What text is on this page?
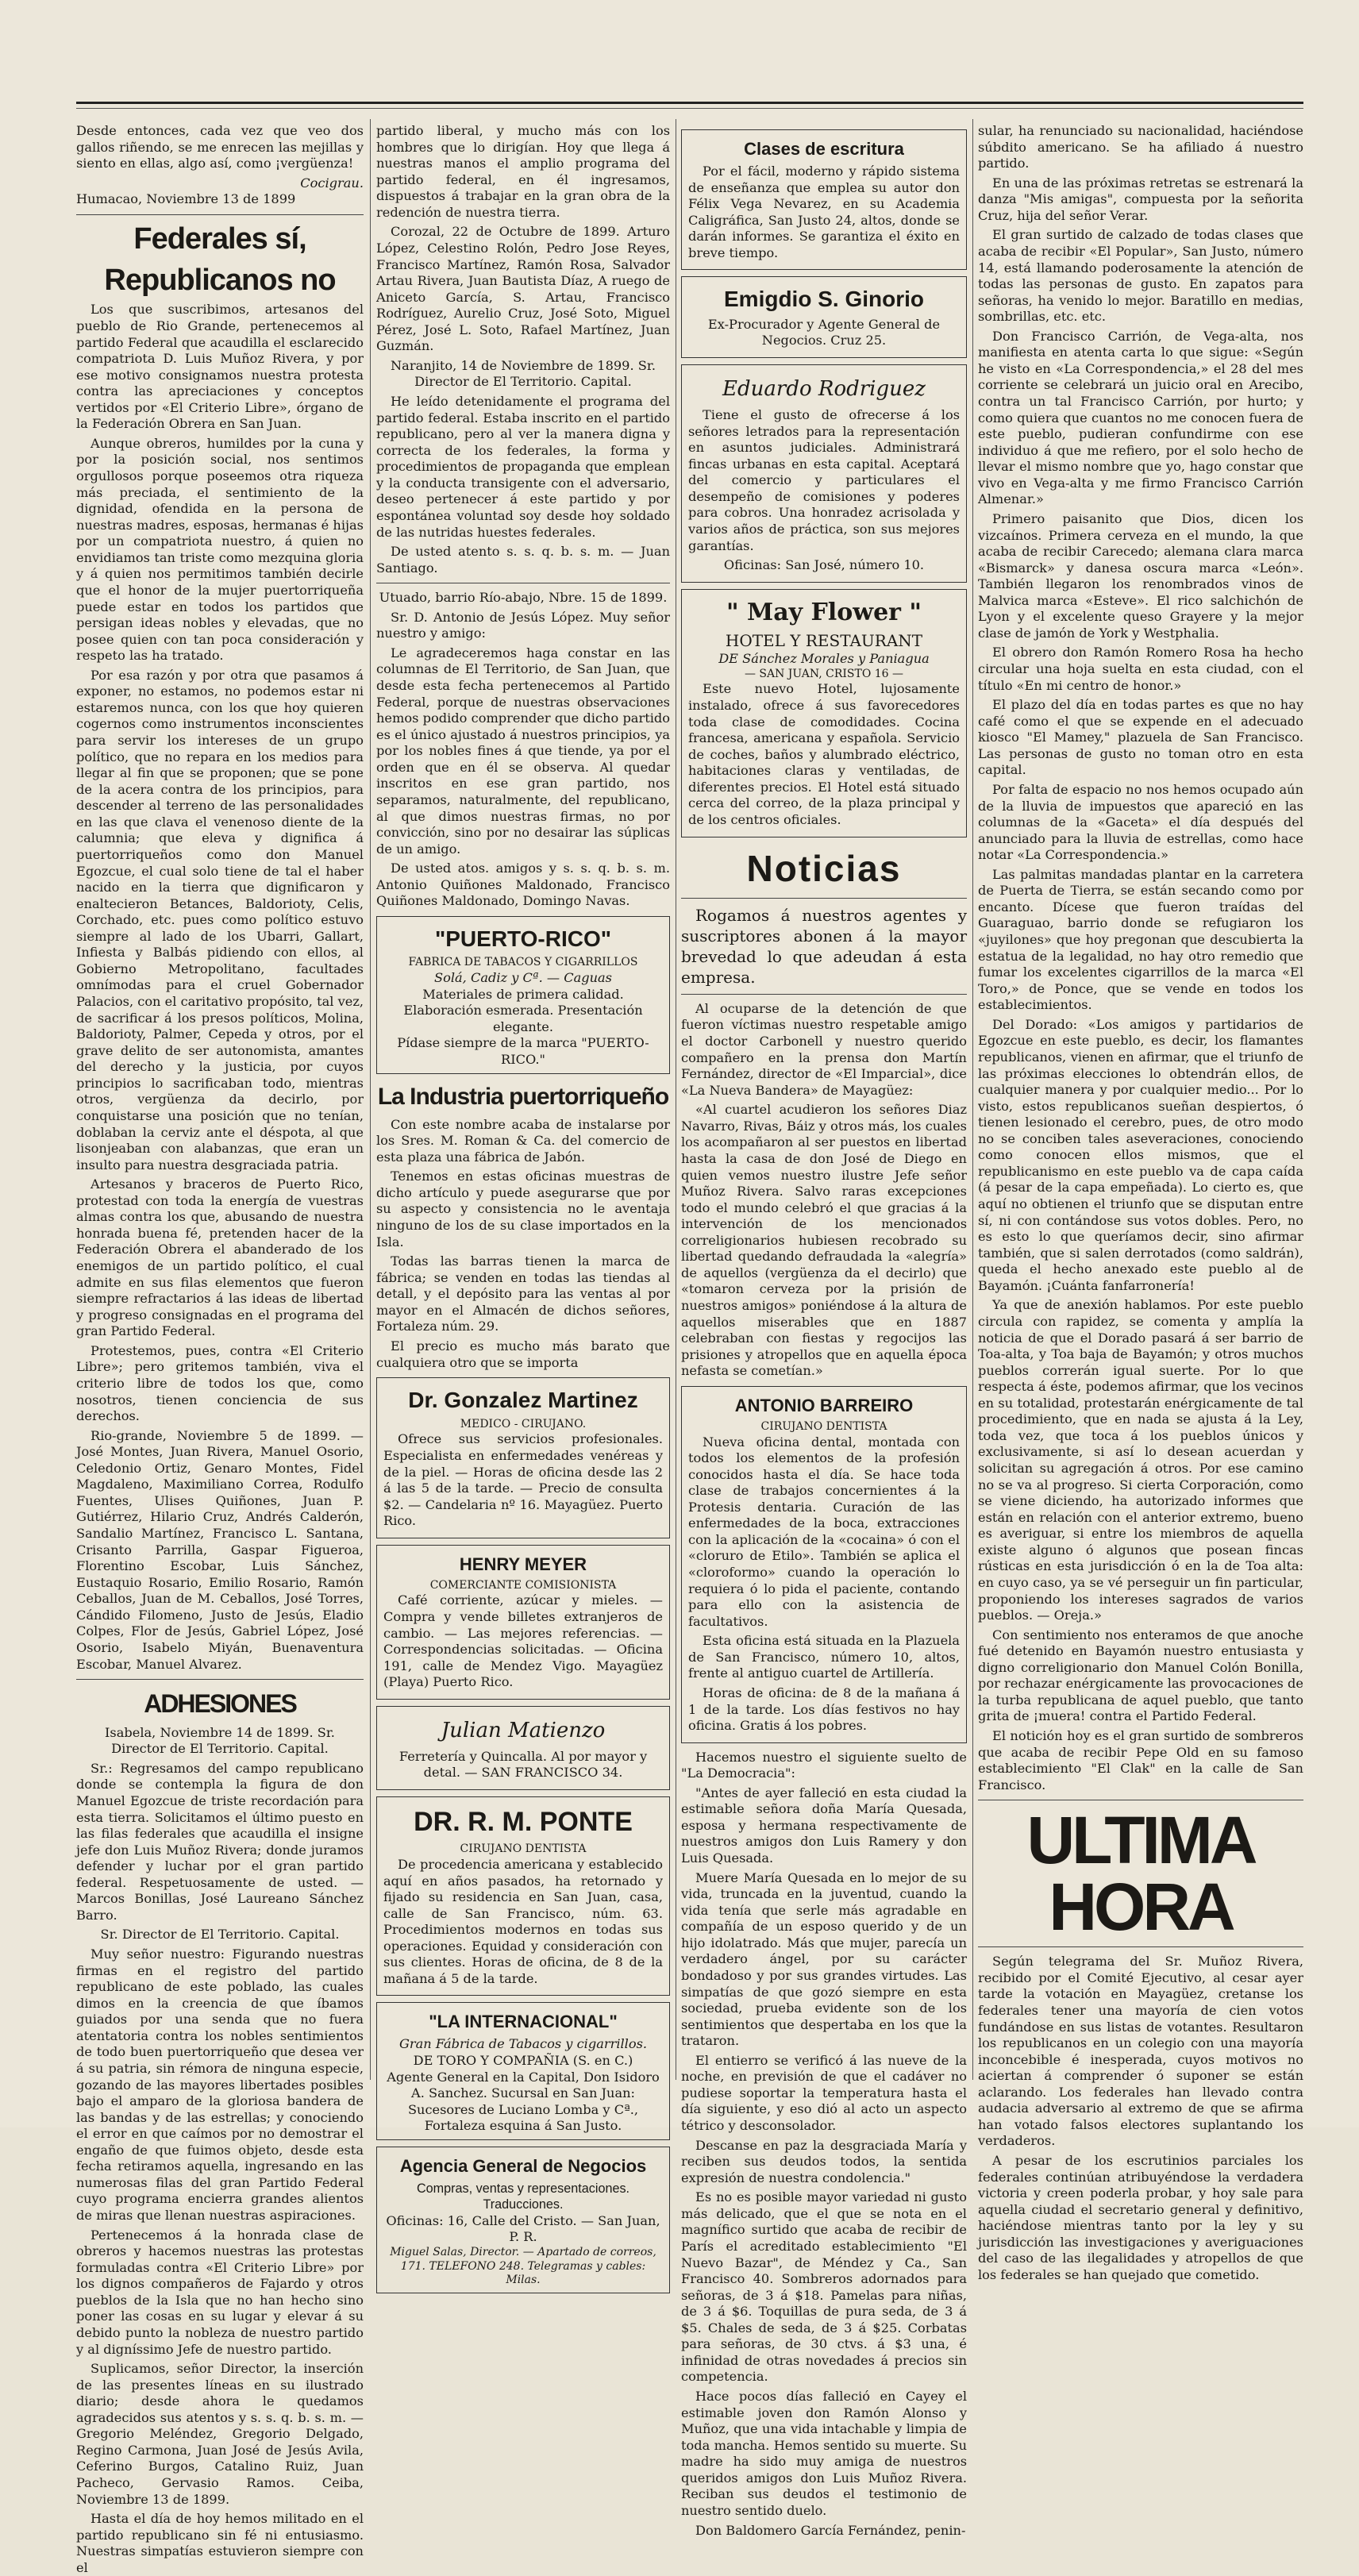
Desde entonces, cada vez que veo dos gallos riñendo, se me enrecen las mejillas y siento en ellas, algo así, como ¡vergüenza!

Cocigrau.

Humacao, Noviembre 13 de 1899

Federales sí,
Republicanos no

Los que suscribimos, artesanos del pueblo de Rio Grande, pertenecemos al partido Federal que acaudilla el esclarecido compatriota D. Luis Muñoz Rivera, y por ese motivo consignamos nuestra protesta contra las apreciaciones y conceptos vertidos por «El Criterio Libre», órgano de la Federación Obrera en San Juan.

Aunque obreros, humildes por la cuna y por la posición social, nos sentimos orgullosos porque poseemos otra riqueza más preciada, el sentimiento de la dignidad, ofendida en la persona de nuestras madres, esposas, hermanas é hijas por un compatriota nuestro, á quien no envidiamos tan triste como mezquina gloria y á quien nos permitimos también decirle que el honor de la mujer puertorriqueña puede estar en todos los partidos que persigan ideas nobles y elevadas, que no posee quien con tan poca consideración y respeto las ha tratado.

Por esa razón y por otra que pasamos á exponer, no estamos, no podemos estar ni estaremos nunca, con los que hoy quieren cogernos como instrumentos inconscientes para servir los intereses de un grupo político, que no repara en los medios para llegar al fin que se proponen; que se pone de la acera contra de los principios, para descender al terreno de las personalidades en las que clava el venenoso diente de la calumnia; que eleva y dignifica á puertorriqueños como don Manuel Egozcue, el cual solo tiene de tal el haber nacido en la tierra que dignificaron y enaltecieron Betances, Baldorioty, Celis, Corchado, etc. pues como político estuvo siempre al lado de los Ubarri, Gallart, Infiesta y Balbás pidiendo con ellos, al Gobierno Metropolitano, facultades omnímodas para el cruel Gobernador Palacios, con el caritativo propósito, tal vez, de sacrificar á los presos políticos, Molina, Baldorioty, Palmer, Cepeda y otros, por el grave delito de ser autonomista, amantes del derecho y la justicia, por cuyos principios lo sacrificaban todo, mientras otros, vergüenza da decirlo, por conquistarse una posición que no tenían, doblaban la cerviz ante el déspota, al que lisonjeaban con alabanzas, que eran un insulto para nuestra desgraciada patria.

Artesanos y braceros de Puerto Rico, protestad con toda la energía de vuestras almas contra los que, abusando de nuestra honrada buena fé, pretenden hacer de la Federación Obrera el abanderado de los enemigos de un partido político, el cual admite en sus filas elementos que fueron siempre refractarios á las ideas de libertad y progreso consignadas en el programa del gran Partido Federal.

Protestemos, pues, contra «El Criterio Libre»; pero gritemos también, viva el criterio libre de todos los que, como nosotros, tienen conciencia de sus derechos.

Rio-grande, Noviembre 5 de 1899. — José Montes, Juan Rivera, Manuel Osorio, Celedonio Ortiz, Genaro Montes, Fidel Magdaleno, Maximiliano Correa, Rodulfo Fuentes, Ulises Quiñones, Juan P. Gutiérrez, Hilario Cruz, Andrés Calderón, Sandalio Martínez, Francisco L. Santana, Crisanto Parrilla, Gaspar Figueroa, Florentino Escobar, Luis Sánchez, Eustaquio Rosario, Emilio Rosario, Ramón Ceballos, Juan de M. Ceballos, José Torres, Cándido Filomeno, Justo de Jesús, Eladio Colpes, Flor de Jesús, Gabriel López, José Osorio, Isabelo Miyán, Buenaventura Escobar, Manuel Alvarez.

ADHESIONES

Isabela, Noviembre 14 de 1899. Sr. Director de El Territorio. Capital.

Sr.: Regresamos del campo republicano donde se contempla la figura de don Manuel Egozcue de triste recordación para esta tierra. Solicitamos el último puesto en las filas federales que acaudilla el insigne jefe don Luis Muñoz Rivera; donde juramos defender y luchar por el gran partido federal. Respetuosamente de usted. — Marcos Bonillas, José Laureano Sánchez Barro.

Sr. Director de El Territorio. Capital.

Muy señor nuestro: Figurando nuestras firmas en el registro del partido republicano de este poblado, las cuales dimos en la creencia de que íbamos guiados por una senda que no fuera atentatoria contra los nobles sentimientos de todo buen puertorriqueño que desea ver á su patria, sin rémora de ninguna especie, gozando de las mayores libertades posibles bajo el amparo de la gloriosa bandera de las bandas y de las estrellas; y conociendo el error en que caímos por no demostrar el engaño de que fuimos objeto, desde esta fecha retiramos aquella, ingresando en las numerosas filas del gran Partido Federal cuyo programa encierra grandes alientos de miras que llenan nuestras aspiraciones.

Pertenecemos á la honrada clase de obreros y hacemos nuestras las protestas formuladas contra «El Criterio Libre» por los dignos compañeros de Fajardo y otros pueblos de la Isla que no han hecho sino poner las cosas en su lugar y elevar á su debido punto la nobleza de nuestro partido y al digníssimo Jefe de nuestro partido.

Suplicamos, señor Director, la inserción de las presentes líneas en su ilustrado diario; desde ahora le quedamos agradecidos sus atentos y s. s. q. b. s. m. — Gregorio Meléndez, Gregorio Delgado, Regino Carmona, Juan José de Jesús Avila, Ceferino Burgos, Catalino Ruiz, Juan Pacheco, Gervasio Ramos. Ceiba, Noviembre 13 de 1899.

Hasta el día de hoy hemos militado en el partido republicano sin fé ni entusiasmo. Nuestras simpatías estuvieron siempre con el

partido liberal, y mucho más con los hombres que lo dirigían. Hoy que llega á nuestras manos el amplio programa del partido federal, en él ingresamos, dispuestos á trabajar en la gran obra de la redención de nuestra tierra.

Corozal, 22 de Octubre de 1899. Arturo López, Celestino Rolón, Pedro Jose Reyes, Francisco Martínez, Ramón Rosa, Salvador Artau Rivera, Juan Bautista Díaz, A ruego de Aniceto García, S. Artau, Francisco Rodríguez, Aurelio Cruz, José Soto, Miguel Pérez, José L. Soto, Rafael Martínez, Juan Guzmán.

Naranjito, 14 de Noviembre de 1899. Sr. Director de El Territorio. Capital.

He leído detenidamente el programa del partido federal. Estaba inscrito en el partido republicano, pero al ver la manera digna y correcta de los federales, la forma y procedimientos de propaganda que emplean y la conducta transigente con el adversario, deseo pertenecer á este partido y por espontánea voluntad soy desde hoy soldado de las nutridas huestes federales.

De usted atento s. s. q. b. s. m. — Juan Santiago.

Utuado, barrio Río-abajo, Nbre. 15 de 1899.

Sr. D. Antonio de Jesús López. Muy señor nuestro y amigo:

Le agradeceremos haga constar en las columnas de El Territorio, de San Juan, que desde esta fecha pertenecemos al Partido Federal, porque de nuestras observaciones hemos podido comprender que dicho partido es el único ajustado á nuestros principios, ya por los nobles fines á que tiende, ya por el orden que en él se observa. Al quedar inscritos en ese gran partido, nos separamos, naturalmente, del republicano, al que dimos nuestras firmas, no por convicción, sino por no desairar las súplicas de un amigo.

De usted atos. amigos y s. s. q. b. s. m. Antonio Quiñones Maldonado, Francisco Quiñones Maldonado, Domingo Navas.

"PUERTO-RICO"
FABRICA DE TABACOS Y CIGARRILLOS
Solá, Cadiz y Cª. — Caguas
Materiales de primera calidad. Elaboración esmerada. Presentación elegante.
Pídase siempre de la marca "PUERTO-RICO."
La Industria puertorriqueño

Con este nombre acaba de instalarse por los Sres. M. Roman & Ca. del comercio de esta plaza una fábrica de Jabón.

Tenemos en estas oficinas muestras de dicho artículo y puede asegurarse que por su aspecto y consistencia no le aventaja ninguno de los de su clase importados en la Isla.

Todas las barras tienen la marca de fábrica; se venden en todas las tiendas al detall, y el depósito para las ventas al por mayor en el Almacén de dichos señores, Fortaleza núm. 29.

El precio es mucho más barato que cualquiera otro que se importa

Dr. Gonzalez Martinez
MEDICO - CIRUJANO.

Ofrece sus servicios profesionales. Especialista en enfermedades venéreas y de la piel. — Horas de oficina desde las 2 á las 5 de la tarde. — Precio de consulta $2. — Candelaria nº 16. Mayagüez. Puerto Rico.

HENRY MEYER
COMERCIANTE COMISIONISTA

Café corriente, azúcar y mieles. — Compra y vende billetes extranjeros de cambio. — Las mejores referencias. — Correspondencias solicitadas. — Oficina 191, calle de Mendez Vigo. Mayagüez (Playa) Puerto Rico.

Julian Matienzo

Ferretería y Quincalla. Al por mayor y detal. — SAN FRANCISCO 34.

DR. R. M. PONTE
CIRUJANO DENTISTA

De procedencia americana y establecido aquí en años pasados, ha retornado y fijado su residencia en San Juan, casa, calle de San Francisco, núm. 63. Procedimientos modernos en todas sus operaciones. Equidad y consideración con sus clientes. Horas de oficina, de 8 de la mañana á 5 de la tarde.

"LA INTERNACIONAL"
Gran Fábrica de Tabacos y cigarrillos.
DE TORO Y COMPAÑIA (S. en C.)
Agente General en la Capital, Don Isidoro A. Sanchez. Sucursal en San Juan: Sucesores de Luciano Lomba y Cª., Fortaleza esquina á San Justo.
Agencia General de Negocios
Compras, ventas y representaciones. Traducciones.
Oficinas: 16, Calle del Cristo. — San Juan, P. R.
Miguel Salas, Director. — Apartado de correos, 171. TELEFONO 248. Telegramas y cables: Milas.
Clases de escritura

Por el fácil, moderno y rápido sistema de enseñanza que emplea su autor don Félix Vega Nevarez, en su Academia Caligráfica, San Justo 24, altos, donde se darán informes. Se garantiza el éxito en breve tiempo.

Emigdio S. Ginorio

Ex-Procurador y Agente General de Negocios. Cruz 25.

Eduardo Rodriguez

Tiene el gusto de ofrecerse á los señores letrados para la representación en asuntos judiciales. Administrará fincas urbanas en esta capital. Aceptará del comercio y particulares el desempeño de comisiones y poderes para cobros. Una honradez acrisolada y varios años de práctica, son sus mejores garantías.

Oficinas: San José, número 10.

" May Flower "
HOTEL Y RESTAURANT
DE Sánchez Morales y Paniagua
— SAN JUAN, CRISTO 16 —

Este nuevo Hotel, lujosamente instalado, ofrece á sus favorecedores toda clase de comodidades. Cocina francesa, americana y española. Servicio de coches, baños y alumbrado eléctrico, habitaciones claras y ventiladas, de diferentes precios. El Hotel está situado cerca del correo, de la plaza principal y de los centros oficiales.

Noticias

Rogamos á nuestros agentes y suscriptores abonen á la mayor brevedad lo que adeudan á esta empresa.

Al ocuparse de la detención de que fueron víctimas nuestro respetable amigo el doctor Carbonell y nuestro querido compañero en la prensa don Martín Fernández, director de «El Imparcial», dice «La Nueva Bandera» de Mayagüez:

«Al cuartel acudieron los señores Diaz Navarro, Rivas, Báiz y otros más, los cuales los acompañaron al ser puestos en libertad hasta la casa de don José de Diego en quien vemos nuestro ilustre Jefe señor Muñoz Rivera. Salvo raras excepciones todo el mundo celebró el que gracias á la intervención de los mencionados correligionarios hubiesen recobrado su libertad quedando defraudada la «alegría» de aquellos (vergüenza da el decirlo) que «tomaron cerveza por la prisión de nuestros amigos» poniéndose á la altura de aquellos miserables que en 1887 celebraban con fiestas y regocijos las prisiones y atropellos que en aquella época nefasta se cometían.»

ANTONIO BARREIRO
CIRUJANO DENTISTA

Nueva oficina dental, montada con todos los elementos de la profesión conocidos hasta el día. Se hace toda clase de trabajos concernientes á la Protesis dentaria. Curación de las enfermedades de la boca, extracciones con la aplicación de la «cocaina» ó con el «cloruro de Etilo». También se aplica el «cloroformo» cuando la operación lo requiera ó lo pida el paciente, contando para ello con la asistencia de facultativos.

Esta oficina está situada en la Plazuela de San Francisco, número 10, altos, frente al antiguo cuartel de Artillería.

Horas de oficina: de 8 de la mañana á 1 de la tarde. Los días festivos no hay oficina. Gratis á los pobres.

Hacemos nuestro el siguiente suelto de "La Democracia":

"Antes de ayer falleció en esta ciudad la estimable señora doña María Quesada, esposa y hermana respectivamente de nuestros amigos don Luis Ramery y don Luis Quesada.

Muere María Quesada en lo mejor de su vida, truncada en la juventud, cuando la vida tenía que serle más agradable en compañía de un esposo querido y de un hijo idolatrado. Más que mujer, parecía un verdadero ángel, por su carácter bondadoso y por sus grandes virtudes. Las simpatías de que gozó siempre en esta sociedad, prueba evidente son de los sentimientos que despertaba en los que la trataron.

El entierro se verificó á las nueve de la noche, en previsión de que el cadáver no pudiese soportar la temperatura hasta el día siguiente, y eso dió al acto un aspecto tétrico y desconsolador.

Descanse en paz la desgraciada María y reciben sus deudos todos, la sentida expresión de nuestra condolencia."

Es no es posible mayor variedad ni gusto más delicado, que el que se nota en el magnífico surtido que acaba de recibir de París el acreditado establecimiento "El Nuevo Bazar", de Méndez y Ca., San Francisco 40. Sombreros adornados para señoras, de 3 á $18. Pamelas para niñas, de 3 á $6. Toquillas de pura seda, de 3 á $5. Chales de seda, de 3 á $25. Corbatas para señoras, de 30 ctvs. á $3 una, é infinidad de otras novedades á precios sin competencia.

Hace pocos días falleció en Cayey el estimable joven don Ramón Alonso y Muñoz, que una vida intachable y limpia de toda mancha. Hemos sentido su muerte. Su madre ha sido muy amiga de nuestros queridos amigos don Luis Muñoz Rivera. Reciban sus deudos el testimonio de nuestro sentido duelo.

Don Baldomero García Fernández, penin-

sular, ha renunciado su nacionalidad, haciéndose súbdito americano. Se ha afiliado á nuestro partido.

En una de las próximas retretas se estrenará la danza "Mis amigas", compuesta por la señorita Cruz, hija del señor Verar.

El gran surtido de calzado de todas clases que acaba de recibir «El Popular», San Justo, número 14, está llamando poderosamente la atención de todas las personas de gusto. En zapatos para señoras, ha venido lo mejor. Baratillo en medias, sombrillas, etc. etc.

Don Francisco Carrión, de Vega-alta, nos manifiesta en atenta carta lo que sigue: «Según he visto en «La Correspondencia,» el 28 del mes corriente se celebrará un juicio oral en Arecibo, contra un tal Francisco Carrión, por hurto; y como quiera que cuantos no me conocen fuera de este pueblo, pudieran confundirme con ese individuo á que me refiero, por el solo hecho de llevar el mismo nombre que yo, hago constar que vivo en Vega-alta y me firmo Francisco Carrión Almenar.»

Primero paisanito que Dios, dicen los vizcaínos. Primera cerveza en el mundo, la que acaba de recibir Carecedo; alemana clara marca «Bismarck» y danesa oscura marca «León». También llegaron los renombrados vinos de Malvica marca «Esteve». El rico salchichón de Lyon y el excelente queso Grayere y la mejor clase de jamón de York y Westphalia.

El obrero don Ramón Romero Rosa ha hecho circular una hoja suelta en esta ciudad, con el título «En mi centro de honor.»

El plazo del día en todas partes es que no hay café como el que se expende en el adecuado kiosco "El Mamey," plazuela de San Francisco. Las personas de gusto no toman otro en esta capital.

Por falta de espacio no nos hemos ocupado aún de la lluvia de impuestos que apareció en las columnas de la «Gaceta» el día después del anunciado para la lluvia de estrellas, como hace notar «La Correspondencia.»

Las palmitas mandadas plantar en la carretera de Puerta de Tierra, se están secando como por encanto. Dícese que fueron traídas del Guaraguao, barrio donde se refugiaron los «juyilones» que hoy pregonan que descubierta la estatua de la legalidad, no hay otro remedio que fumar los excelentes cigarrillos de la marca «El Toro,» de Ponce, que se vende en todos los establecimientos.

Del Dorado: «Los amigos y partidarios de Egozcue en este pueblo, es decir, los flamantes republicanos, vienen en afirmar, que el triunfo de las próximas elecciones lo obtendrán ellos, de cualquier manera y por cualquier medio... Por lo visto, estos republicanos sueñan despiertos, ó tienen lesionado el cerebro, pues, de otro modo no se conciben tales aseveraciones, conociendo como conocen ellos mismos, que el republicanismo en este pueblo va de capa caída (á pesar de la capa empeñada). Lo cierto es, que aquí no obtienen el triunfo que se disputan entre sí, ni con contándose sus votos dobles. Pero, no es esto lo que queríamos decir, sino afirmar también, que si salen derrotados (como saldrán), queda el hecho anexado este pueblo al de Bayamón. ¡Cuánta fanfarronería!

Ya que de anexión hablamos. Por este pueblo circula con rapidez, se comenta y amplía la noticia de que el Dorado pasará á ser barrio de Toa-alta, y Toa baja de Bayamón; y otros muchos pueblos correrán igual suerte. Por lo que respecta á éste, podemos afirmar, que los vecinos en su totalidad, protestarán enérgicamente de tal procedimiento, que en nada se ajusta á la Ley, toda vez, que toca á los pueblos únicos y exclusivamente, si así lo desean acuerdan y solicitan su agregación á otros. Por ese camino no se va al progreso. Si cierta Corporación, como se viene diciendo, ha autorizado informes que están en relación con el anterior extremo, bueno es averiguar, si entre los miembros de aquella existe alguno ó algunos que posean fincas rústicas en esta jurisdicción ó en la de Toa alta: en cuyo caso, ya se vé perseguir un fin particular, proponiendo los intereses sagrados de varios pueblos. — Oreja.»

Con sentimiento nos enteramos de que anoche fué detenido en Bayamón nuestro entusiasta y digno correligionario don Manuel Colón Bonilla, por rechazar enérgicamente las provocaciones de la turba republicana de aquel pueblo, que tanto grita de ¡muera! contra el Partido Federal.

El notición hoy es el gran surtido de sombreros que acaba de recibir Pepe Old en su famoso establecimiento "El Clak" en la calle de San Francisco.

ULTIMA HORA

Según telegrama del Sr. Muñoz Rivera, recibido por el Comité Ejecutivo, al cesar ayer tarde la votación en Mayagüez, cretanse los federales tener una mayoría de cien votos fundándose en sus listas de votantes. Resultaron los republicanos en un colegio con una mayoría inconcebible é inesperada, cuyos motivos no aciertan á comprender ó suponer se están aclarando. Los federales han llevado contra audacia adversario al extremo de que se afirma han votado falsos electores suplantando los verdaderos.

A pesar de los escrutinios parciales los federales continúan atribuyéndose la verdadera victoria y creen poderla probar, y hoy sale para aquella ciudad el secretario general y definitivo, haciéndose mientras tanto por la ley y su jurisdicción las investigaciones y averiguaciones del caso de las ilegalidades y atropellos de que los federales se han quejado que cometido.
